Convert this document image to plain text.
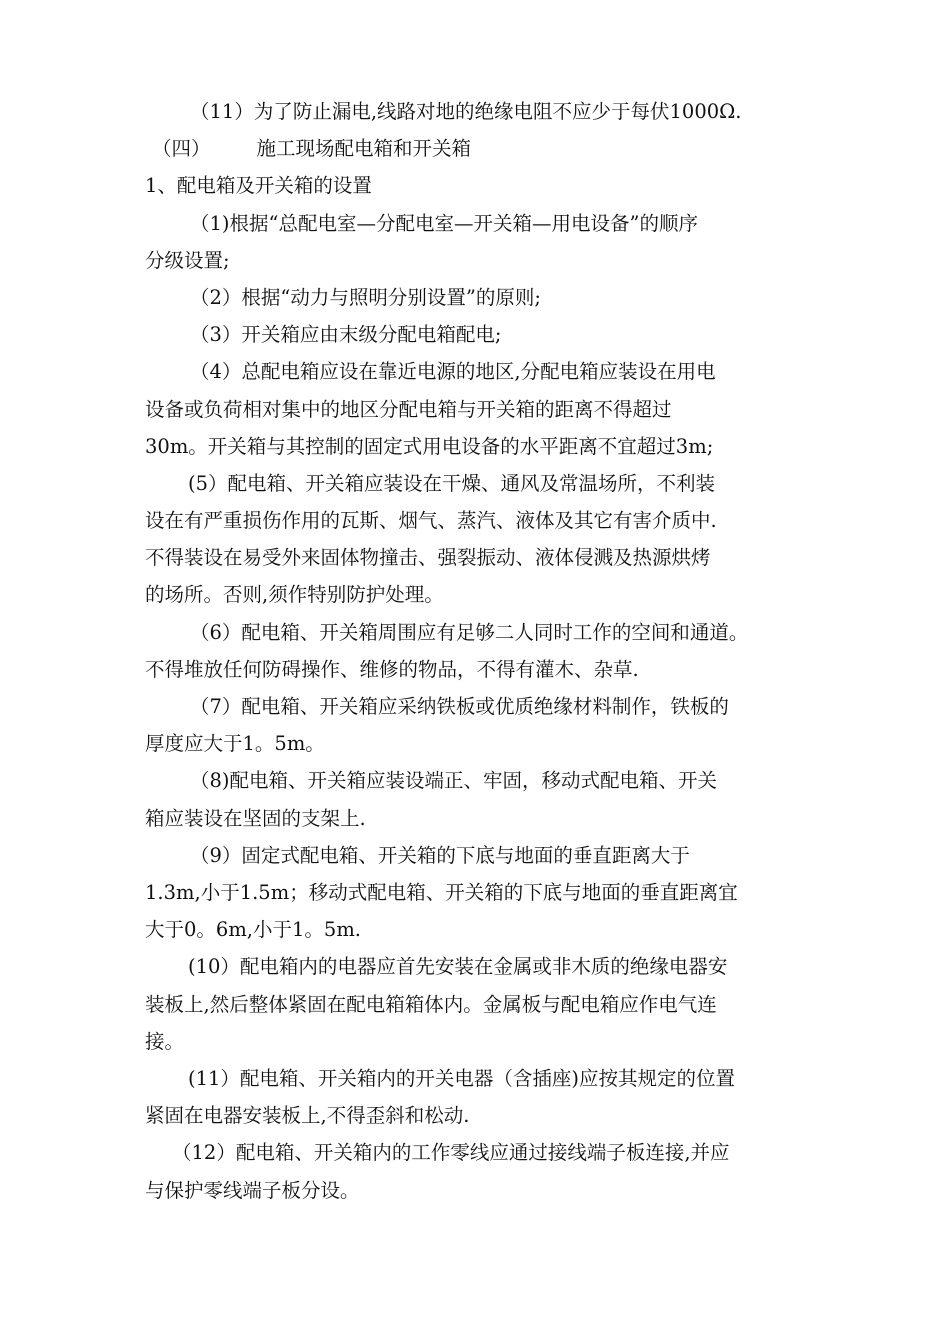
（11）为了防止漏电,线路对地的绝缘电阻不应少于每伏1000Ω.
（四） 施工现场配电箱和开关箱
1、配电箱及开关箱的设置
（1)根据“总配电室—分配电室—开关箱—用电设备”的顺序
分级设置;
（2）根据“动力与照明分别设置”的原则;
（3）开关箱应由末级分配电箱配电;
（4）总配电箱应设在靠近电源的地区,分配电箱应装设在用电
设备或负荷相对集中的地区分配电箱与开关箱的距离不得超过
30m。开关箱与其控制的固定式用电设备的水平距离不宜超过3m;
(5）配电箱、开关箱应装设在干燥、通风及常温场所，不利装
设在有严重损伤作用的瓦斯、烟气、蒸汽、液体及其它有害介质中.
不得装设在易受外来固体物撞击、强裂振动、液体侵溅及热源烘烤
的场所。否则,须作特别防护处理。
（6）配电箱、开关箱周围应有足够二人同时工作的空间和通道。
不得堆放任何防碍操作、维修的物品，不得有灌木、杂草.
（7）配电箱、开关箱应采纳铁板或优质绝缘材料制作，铁板的
厚度应大于1。5m。
（8)配电箱、开关箱应装设端正、牢固，移动式配电箱、开关
箱应装设在坚固的支架上.
（9）固定式配电箱、开关箱的下底与地面的垂直距离大于
1.3m,小于1.5m；移动式配电箱、开关箱的下底与地面的垂直距离宜
大于0。6m,小于1。5m.
(10）配电箱内的电器应首先安装在金属或非木质的绝缘电器安
装板上,然后整体紧固在配电箱箱体内。金属板与配电箱应作电气连
接。
(11）配电箱、开关箱内的开关电器（含插座)应按其规定的位置
紧固在电器安装板上,不得歪斜和松动.
（12）配电箱、开关箱内的工作零线应通过接线端子板连接,并应
与保护零线端子板分设。
